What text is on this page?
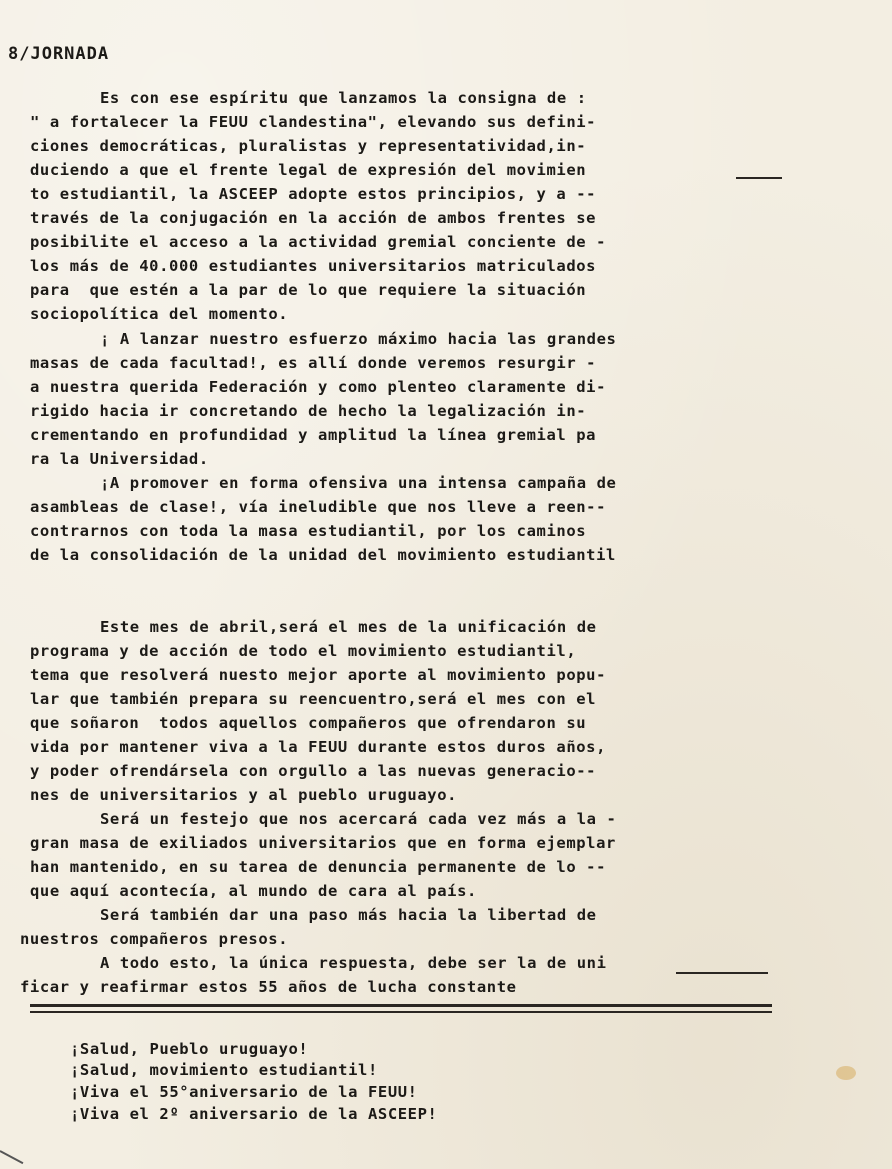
8/JORNADA
Es con ese espíritu que lanzamos la consigna de :
" a fortalecer la FEUU clandestina", elevando sus defini-
ciones democráticas, pluralistas y representatividad,in-
duciendo a que el frente legal de expresión del movimien
to estudiantil, la ASCEEP adopte estos principios, y a --
través de la conjugación en la acción de ambos frentes se
posibilite el acceso a la actividad gremial conciente de -
los más de 40.000 estudiantes universitarios matriculados
para  que estén a la par de lo que requiere la situación
sociopolítica del momento.
¡ A lanzar nuestro esfuerzo máximo hacia las grandes
masas de cada facultad!, es allí donde veremos resurgir -
a nuestra querida Federación y como plenteo claramente di-
rigido hacia ir concretando de hecho la legalización in-
crementando en profundidad y amplitud la línea gremial pa
ra la Universidad.
¡A promover en forma ofensiva una intensa campaña de
asambleas de clase!, vía ineludible que nos lleve a reen--
contrarnos con toda la masa estudiantil, por los caminos
de la consolidación de la unidad del movimiento estudiantil
Este mes de abril,será el mes de la unificación de
programa y de acción de todo el movimiento estudiantil,
tema que resolverá nuesto mejor aporte al movimiento popu-
lar que también prepara su reencuentro,será el mes con el
que soñaron  todos aquellos compañeros que ofrendaron su
vida por mantener viva a la FEUU durante estos duros años,
y poder ofrendársela con orgullo a las nuevas generacio--
nes de universitarios y al pueblo uruguayo.
Será un festejo que nos acercará cada vez más a la -
gran masa de exiliados universitarios que en forma ejemplar
han mantenido, en su tarea de denuncia permanente de lo --
que aquí acontecía, al mundo de cara al país.
Será también dar una paso más hacia la libertad de
nuestros compañeros presos.
A todo esto, la única respuesta, debe ser la de uni
ficar y reafirmar estos 55 años de lucha constante
¡Salud, Pueblo uruguayo!
¡Salud, movimiento estudiantil!
¡Viva el 55°aniversario de la FEUU!
¡Viva el 2º aniversario de la ASCEEP!
